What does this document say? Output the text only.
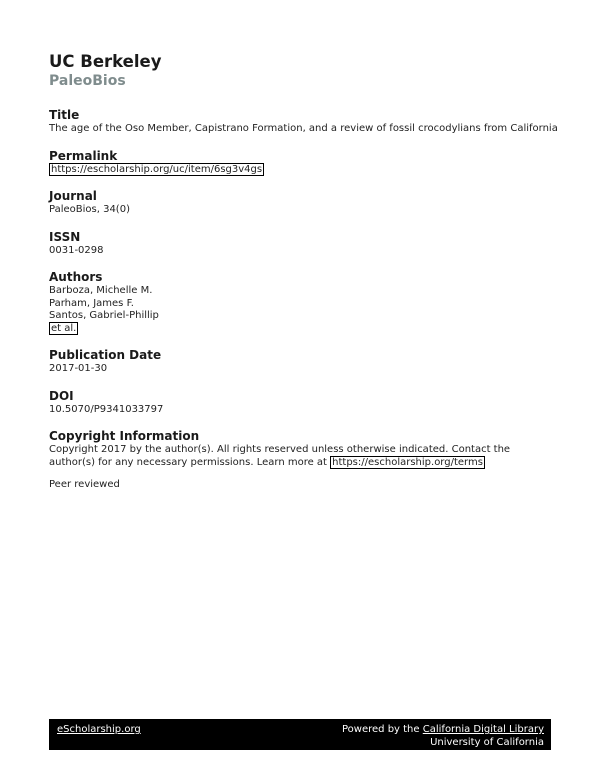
UC Berkeley
PaleoBios
Title
The age of the Oso Member, Capistrano Formation, and a review of fossil crocodylians from California
Permalink
https://escholarship.org/uc/item/6sg3v4gs
Journal
PaleoBios, 34(0)
ISSN
0031-0298
Authors
Barboza, Michelle M.
Parham, James F.
Santos, Gabriel-Phillip
et al.
Publication Date
2017-01-30
DOI
10.5070/P9341033797
Copyright Information
Copyright 2017 by the author(s). All rights reserved unless otherwise indicated. Contact the author(s) for any necessary permissions. Learn more at https://escholarship.org/terms
Peer reviewed
eScholarship.org	Powered by the California Digital Library
University of California
